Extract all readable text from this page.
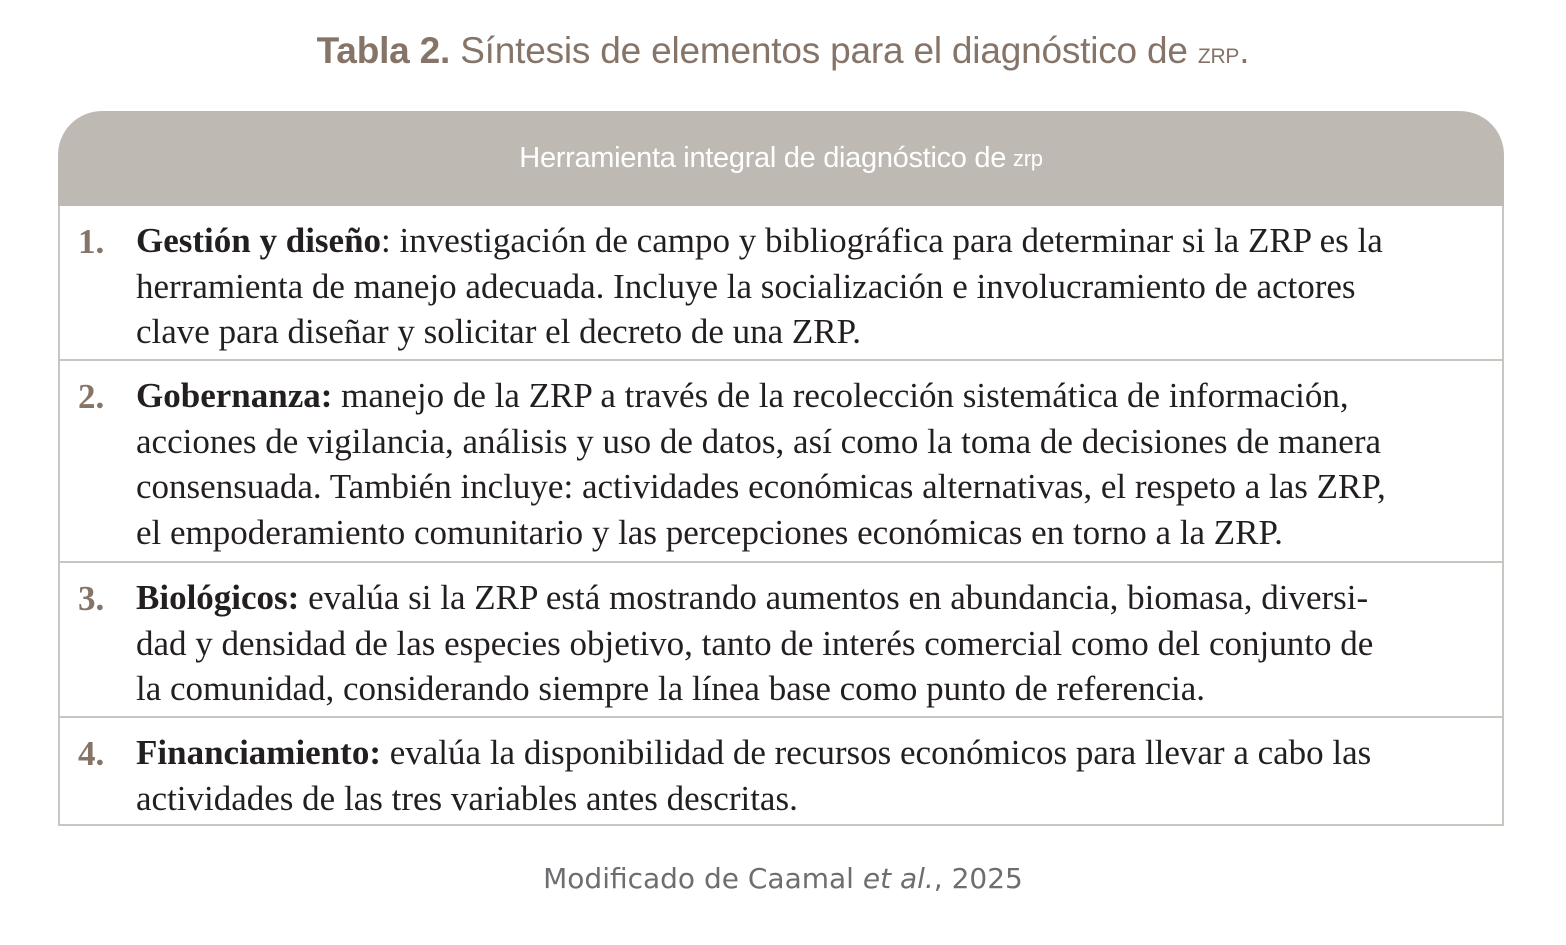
Tabla 2. Síntesis de elementos para el diagnóstico de zrp.
Herramienta integral de diagnóstico de zrp
1. Gestión y diseño: investigación de campo y bibliográfica para determinar si la ZRP es la
herramienta de manejo adecuada. Incluye la socialización e involucramiento de actores
clave para diseñar y solicitar el decreto de una ZRP.
2. Gobernanza: manejo de la ZRP a través de la recolección sistemática de información,
acciones de vigilancia, análisis y uso de datos, así como la toma de decisiones de manera
consensuada. También incluye: actividades económicas alternativas, el respeto a las ZRP,
el empoderamiento comunitario y las percepciones económicas en torno a la ZRP.
3. Biológicos: evalúa si la ZRP está mostrando aumentos en abundancia, biomasa, diversi-
dad y densidad de las especies objetivo, tanto de interés comercial como del conjunto de
la comunidad, considerando siempre la línea base como punto de referencia.
4. Financiamiento: evalúa la disponibilidad de recursos económicos para llevar a cabo las
actividades de las tres variables antes descritas.
Modificado de Caamal et al., 2025
